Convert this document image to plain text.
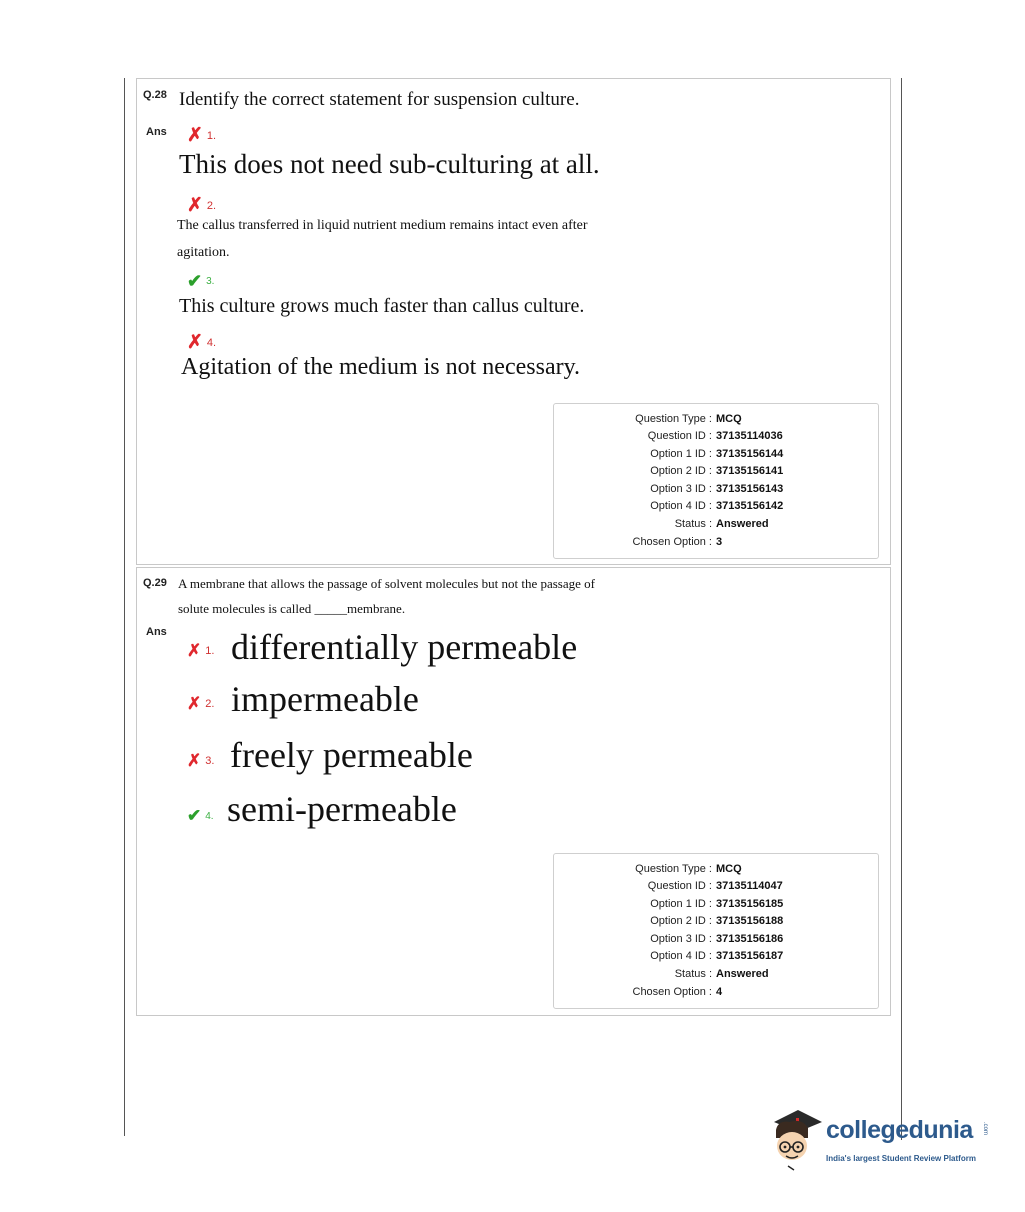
Q.28 Identify the correct statement for suspension culture.
Ans ✗ 1.
This does not need sub-culturing at all.
✗ 2.
The callus transferred in liquid nutrient medium remains intact even after
agitation.
✔ 3.
This culture grows much faster than callus culture.
✗ 4.
Agitation of the medium is not necessary.
Question Type : MCQ
Question ID : 37135114036
Option 1 ID : 37135156144
Option 2 ID : 37135156141
Option 3 ID : 37135156143
Option 4 ID : 37135156142
Status : Answered
Chosen Option : 3
Q.29 A membrane that allows the passage of solvent molecules but not the passage of
solute molecules is called _____membrane.
Ans
✗ 1. differentially permeable
✗ 2. impermeable
✗ 3. freely permeable
✔ 4. semi-permeable
Question Type : MCQ
Question ID : 37135114047
Option 1 ID : 37135156185
Option 2 ID : 37135156188
Option 3 ID : 37135156186
Option 4 ID : 37135156187
Status : Answered
Chosen Option : 4
collegedunia .com
India's largest Student Review Platform
